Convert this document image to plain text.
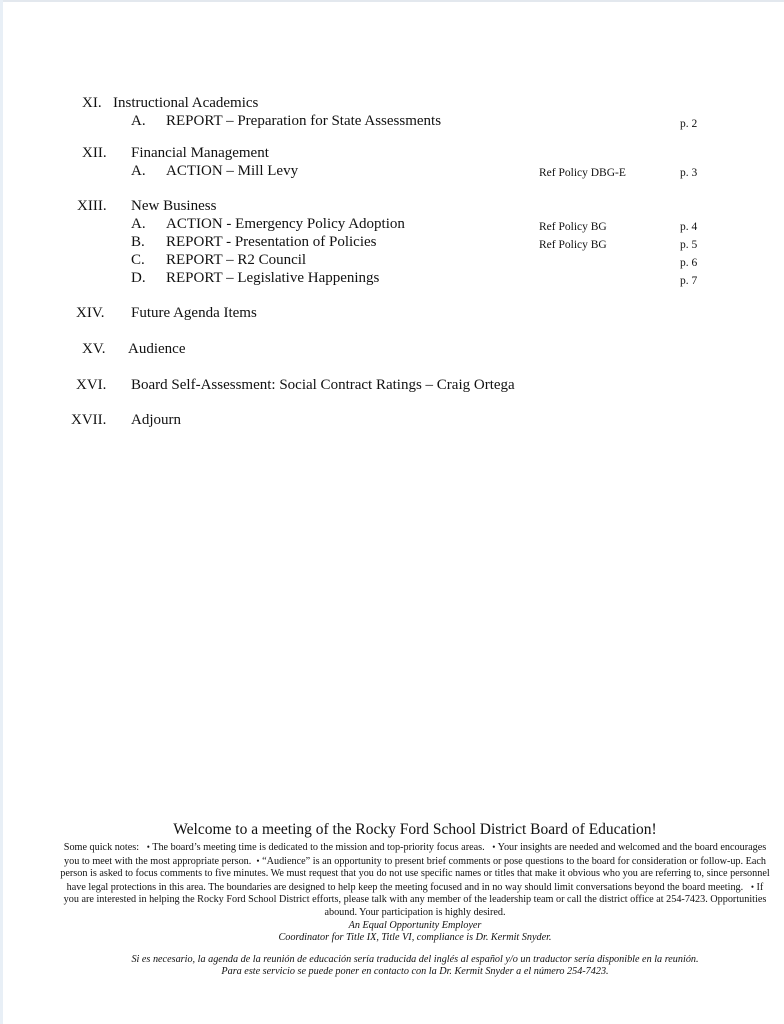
XI. Instructional Academics
A. REPORT – Preparation for State Assessments	p. 2
XII. Financial Management
A. ACTION – Mill Levy	Ref Policy DBG-E	p. 3
XIII. New Business
A. ACTION - Emergency Policy Adoption	Ref Policy BG	p. 4
B. REPORT - Presentation of Policies	Ref Policy BG	p. 5
C. REPORT – R2 Council	p. 6
D. REPORT – Legislative Happenings	p. 7
XIV. Future Agenda Items
XV. Audience
XVI. Board Self-Assessment: Social Contract Ratings – Craig Ortega
XVII. Adjourn
Welcome to a meeting of the Rocky Ford School District Board of Education!
Some quick notes: • The board’s meeting time is dedicated to the mission and top-priority focus areas. • Your insights are needed and welcomed and the board encourages you to meet with the most appropriate person. • “Audience” is an opportunity to present brief comments or pose questions to the board for consideration or follow-up. Each person is asked to focus comments to five minutes. We must request that you do not use specific names or titles that make it obvious who you are referring to, since personnel have legal protections in this area. The boundaries are designed to help keep the meeting focused and in no way should limit conversations beyond the board meeting. • If you are interested in helping the Rocky Ford School District efforts, please talk with any member of the leadership team or call the district office at 254-7423. Opportunities abound. Your participation is highly desired.
An Equal Opportunity Employer
Coordinator for Title IX, Title VI, compliance is Dr. Kermit Snyder.
Si es necesario, la agenda de la reunión de educación sería traducida del inglés al español y/o un traductor sería disponible en la reunión.
Para este servicio se puede poner en contacto con la Dr. Kermit Snyder a el número 254-7423.
